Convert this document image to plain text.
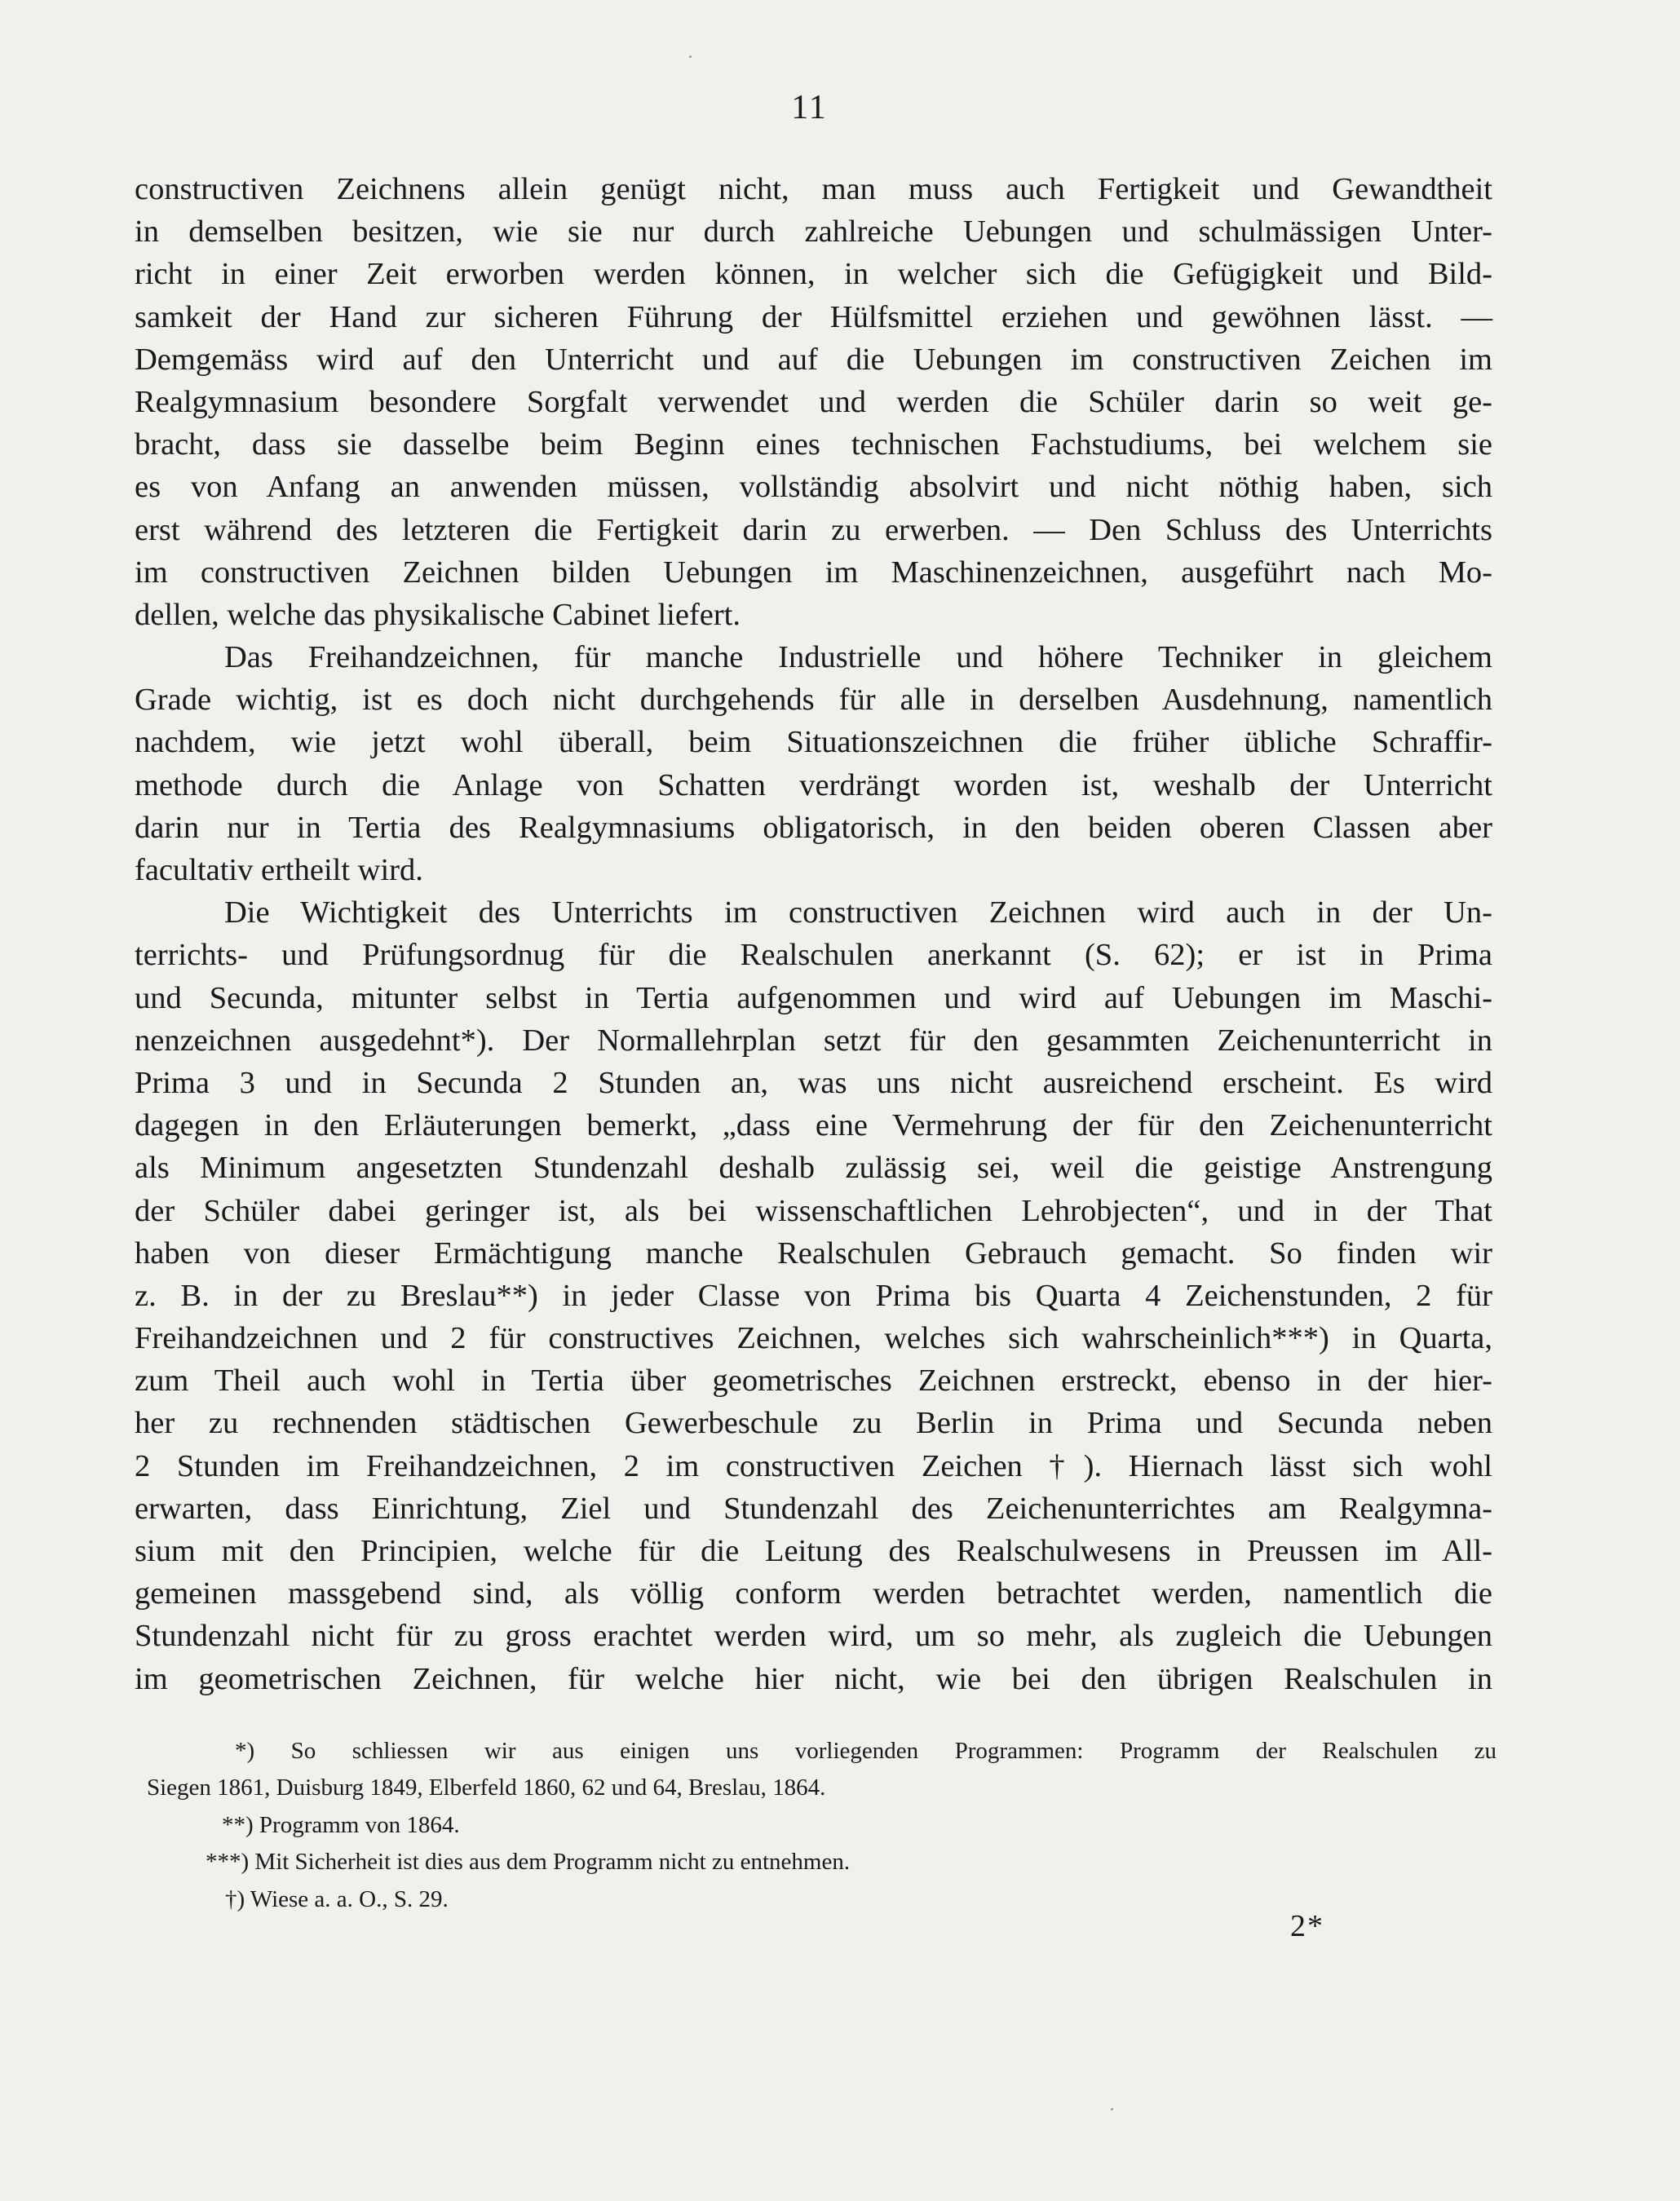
11
constructiven Zeichnens allein genügt nicht, man muss auch Fertigkeit und Gewandtheit
in demselben besitzen, wie sie nur durch zahlreiche Uebungen und schulmässigen Unter-
richt in einer Zeit erworben werden können, in welcher sich die Gefügigkeit und Bild-
samkeit der Hand zur sicheren Führung der Hülfsmittel erziehen und gewöhnen lässt. —
Demgemäss wird auf den Unterricht und auf die Uebungen im constructiven Zeichen im
Realgymnasium besondere Sorgfalt verwendet und werden die Schüler darin so weit ge-
bracht, dass sie dasselbe beim Beginn eines technischen Fachstudiums, bei welchem sie
es von Anfang an anwenden müssen, vollständig absolvirt und nicht nöthig haben, sich
erst während des letzteren die Fertigkeit darin zu erwerben. — Den Schluss des Unterrichts
im constructiven Zeichnen bilden Uebungen im Maschinenzeichnen, ausgeführt nach Mo-
dellen, welche das physikalische Cabinet liefert.
Das Freihandzeichnen, für manche Industrielle und höhere Techniker in gleichem
Grade wichtig, ist es doch nicht durchgehends für alle in derselben Ausdehnung, namentlich
nachdem, wie jetzt wohl überall, beim Situationszeichnen die früher übliche Schraffir-
methode durch die Anlage von Schatten verdrängt worden ist, weshalb der Unterricht
darin nur in Tertia des Realgymnasiums obligatorisch, in den beiden oberen Classen aber
facultativ ertheilt wird.
Die Wichtigkeit des Unterrichts im constructiven Zeichnen wird auch in der Un-
terrichts- und Prüfungsordnug für die Realschulen anerkannt (S. 62); er ist in Prima
und Secunda, mitunter selbst in Tertia aufgenommen und wird auf Uebungen im Maschi-
nenzeichnen ausgedehnt*). Der Normallehrplan setzt für den gesammten Zeichenunterricht in
Prima 3 und in Secunda 2 Stunden an, was uns nicht ausreichend erscheint. Es wird
dagegen in den Erläuterungen bemerkt, „dass eine Vermehrung der für den Zeichenunterricht
als Minimum angesetzten Stundenzahl deshalb zulässig sei, weil die geistige Anstrengung
der Schüler dabei geringer ist, als bei wissenschaftlichen Lehrobjecten“, und in der That
haben von dieser Ermächtigung manche Realschulen Gebrauch gemacht. So finden wir
z. B. in der zu Breslau**) in jeder Classe von Prima bis Quarta 4 Zeichenstunden, 2 für
Freihandzeichnen und 2 für constructives Zeichnen, welches sich wahrscheinlich***) in Quarta,
zum Theil auch wohl in Tertia über geometrisches Zeichnen erstreckt, ebenso in der hier-
her zu rechnenden städtischen Gewerbeschule zu Berlin in Prima und Secunda neben
2 Stunden im Freihandzeichnen, 2 im constructiven Zeichen †). Hiernach lässt sich wohl
erwarten, dass Einrichtung, Ziel und Stundenzahl des Zeichenunterrichtes am Realgymna-
sium mit den Principien, welche für die Leitung des Realschulwesens in Preussen im All-
gemeinen massgebend sind, als völlig conform werden betrachtet werden, namentlich die
Stundenzahl nicht für zu gross erachtet werden wird, um so mehr, als zugleich die Uebungen
im geometrischen Zeichnen, für welche hier nicht, wie bei den übrigen Realschulen in
*) So schliessen wir aus einigen uns vorliegenden Programmen: Programm der Realschulen zu
Siegen 1861, Duisburg 1849, Elberfeld 1860, 62 und 64, Breslau, 1864.
**) Programm von 1864.
***) Mit Sicherheit ist dies aus dem Programm nicht zu entnehmen.
†) Wiese a. a. O., S. 29.
2*
